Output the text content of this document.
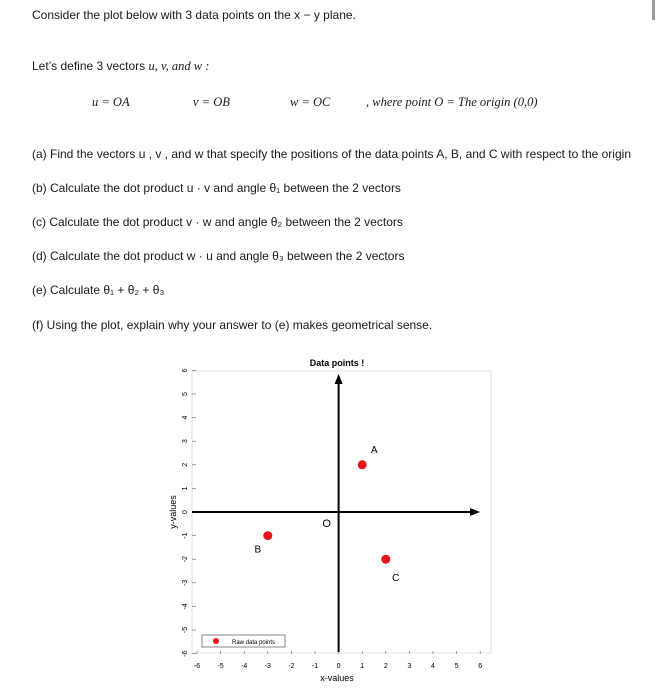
Consider the plot below with 3 data points on the x − y plane.
Let’s define 3 vectors u, v, and w :
u = OA	v = OB	w = OC	, where point O = The origin (0,0)
(a) Find the vectors u , v , and w that specify the positions of the data points A, B, and C with respect to the origin
(b) Calculate the dot product u · v and angle θ₁ between the 2 vectors
(c) Calculate the dot product v · w and angle θ₂ between the 2 vectors
(d) Calculate the dot product w · u and angle θ₃ between the 2 vectors
(e) Calculate θ₁ + θ₂ + θ₃
(f) Using the plot, explain why your answer to (e) makes geometrical sense.
-6 -5 -4 -3 -2 -1	0	1	2	3	4	5	6
-6
-5
-4
-3
-2
-1
0
1
2
3
4
5
6
O
A
B
C
Data points !
x-values
y-values
Raw data points
